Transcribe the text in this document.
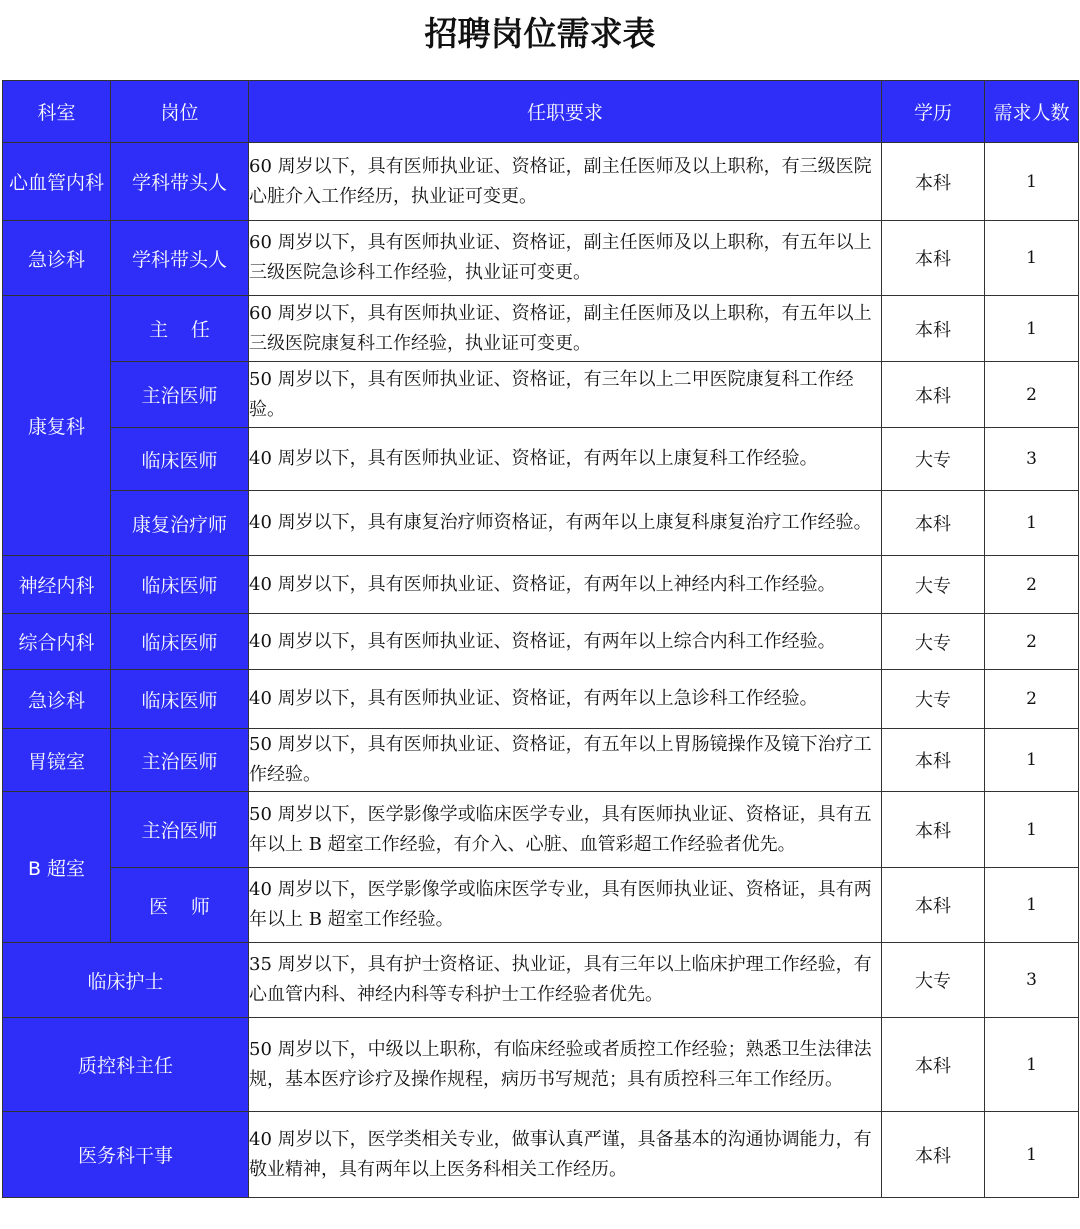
招聘岗位需求表
科室	岗位	任职要求	学历	需求人数
心血管内科	学科带头人	60 周岁以下，具有医师执业证、资格证，副主任医师及以上职称，有三级医院心脏介入工作经历，执业证可变更。	本科	1
急诊科	学科带头人	60 周岁以下，具有医师执业证、资格证，副主任医师及以上职称，有五年以上三级医院急诊科工作经验，执业证可变更。	本科	1
康复科	主任	60 周岁以下，具有医师执业证、资格证，副主任医师及以上职称，有五年以上三级医院康复科工作经验，执业证可变更。	本科	1
	主治医师	50 周岁以下，具有医师执业证、资格证，有三年以上二甲医院康复科工作经验。	本科	2
	临床医师	40 周岁以下，具有医师执业证、资格证，有两年以上康复科工作经验。	大专	3
	康复治疗师	40 周岁以下，具有康复治疗师资格证，有两年以上康复科康复治疗工作经验。	本科	1
神经内科	临床医师	40 周岁以下，具有医师执业证、资格证，有两年以上神经内科工作经验。	大专	2
综合内科	临床医师	40 周岁以下，具有医师执业证、资格证，有两年以上综合内科工作经验。	大专	2
急诊科	临床医师	40 周岁以下，具有医师执业证、资格证，有两年以上急诊科工作经验。	大专	2
胃镜室	主治医师	50 周岁以下，具有医师执业证、资格证，有五年以上胃肠镜操作及镜下治疗工作经验。	本科	1
B 超室	主治医师	50 周岁以下，医学影像学或临床医学专业，具有医师执业证、资格证，具有五年以上 B 超室工作经验，有介入、心脏、血管彩超工作经验者优先。	本科	1
	医师	40 周岁以下，医学影像学或临床医学专业，具有医师执业证、资格证，具有两年以上 B 超室工作经验。	本科	1
临床护士		35 周岁以下，具有护士资格证、执业证，具有三年以上临床护理工作经验，有心血管内科、神经内科等专科护士工作经验者优先。	大专	3
质控科主任		50 周岁以下，中级以上职称，有临床经验或者质控工作经验；熟悉卫生法律法规，基本医疗诊疗及操作规程，病历书写规范；具有质控科三年工作经历。	本科	1
医务科干事		40 周岁以下，医学类相关专业，做事认真严谨，具备基本的沟通协调能力，有敬业精神，具有两年以上医务科相关工作经历。	本科	1
